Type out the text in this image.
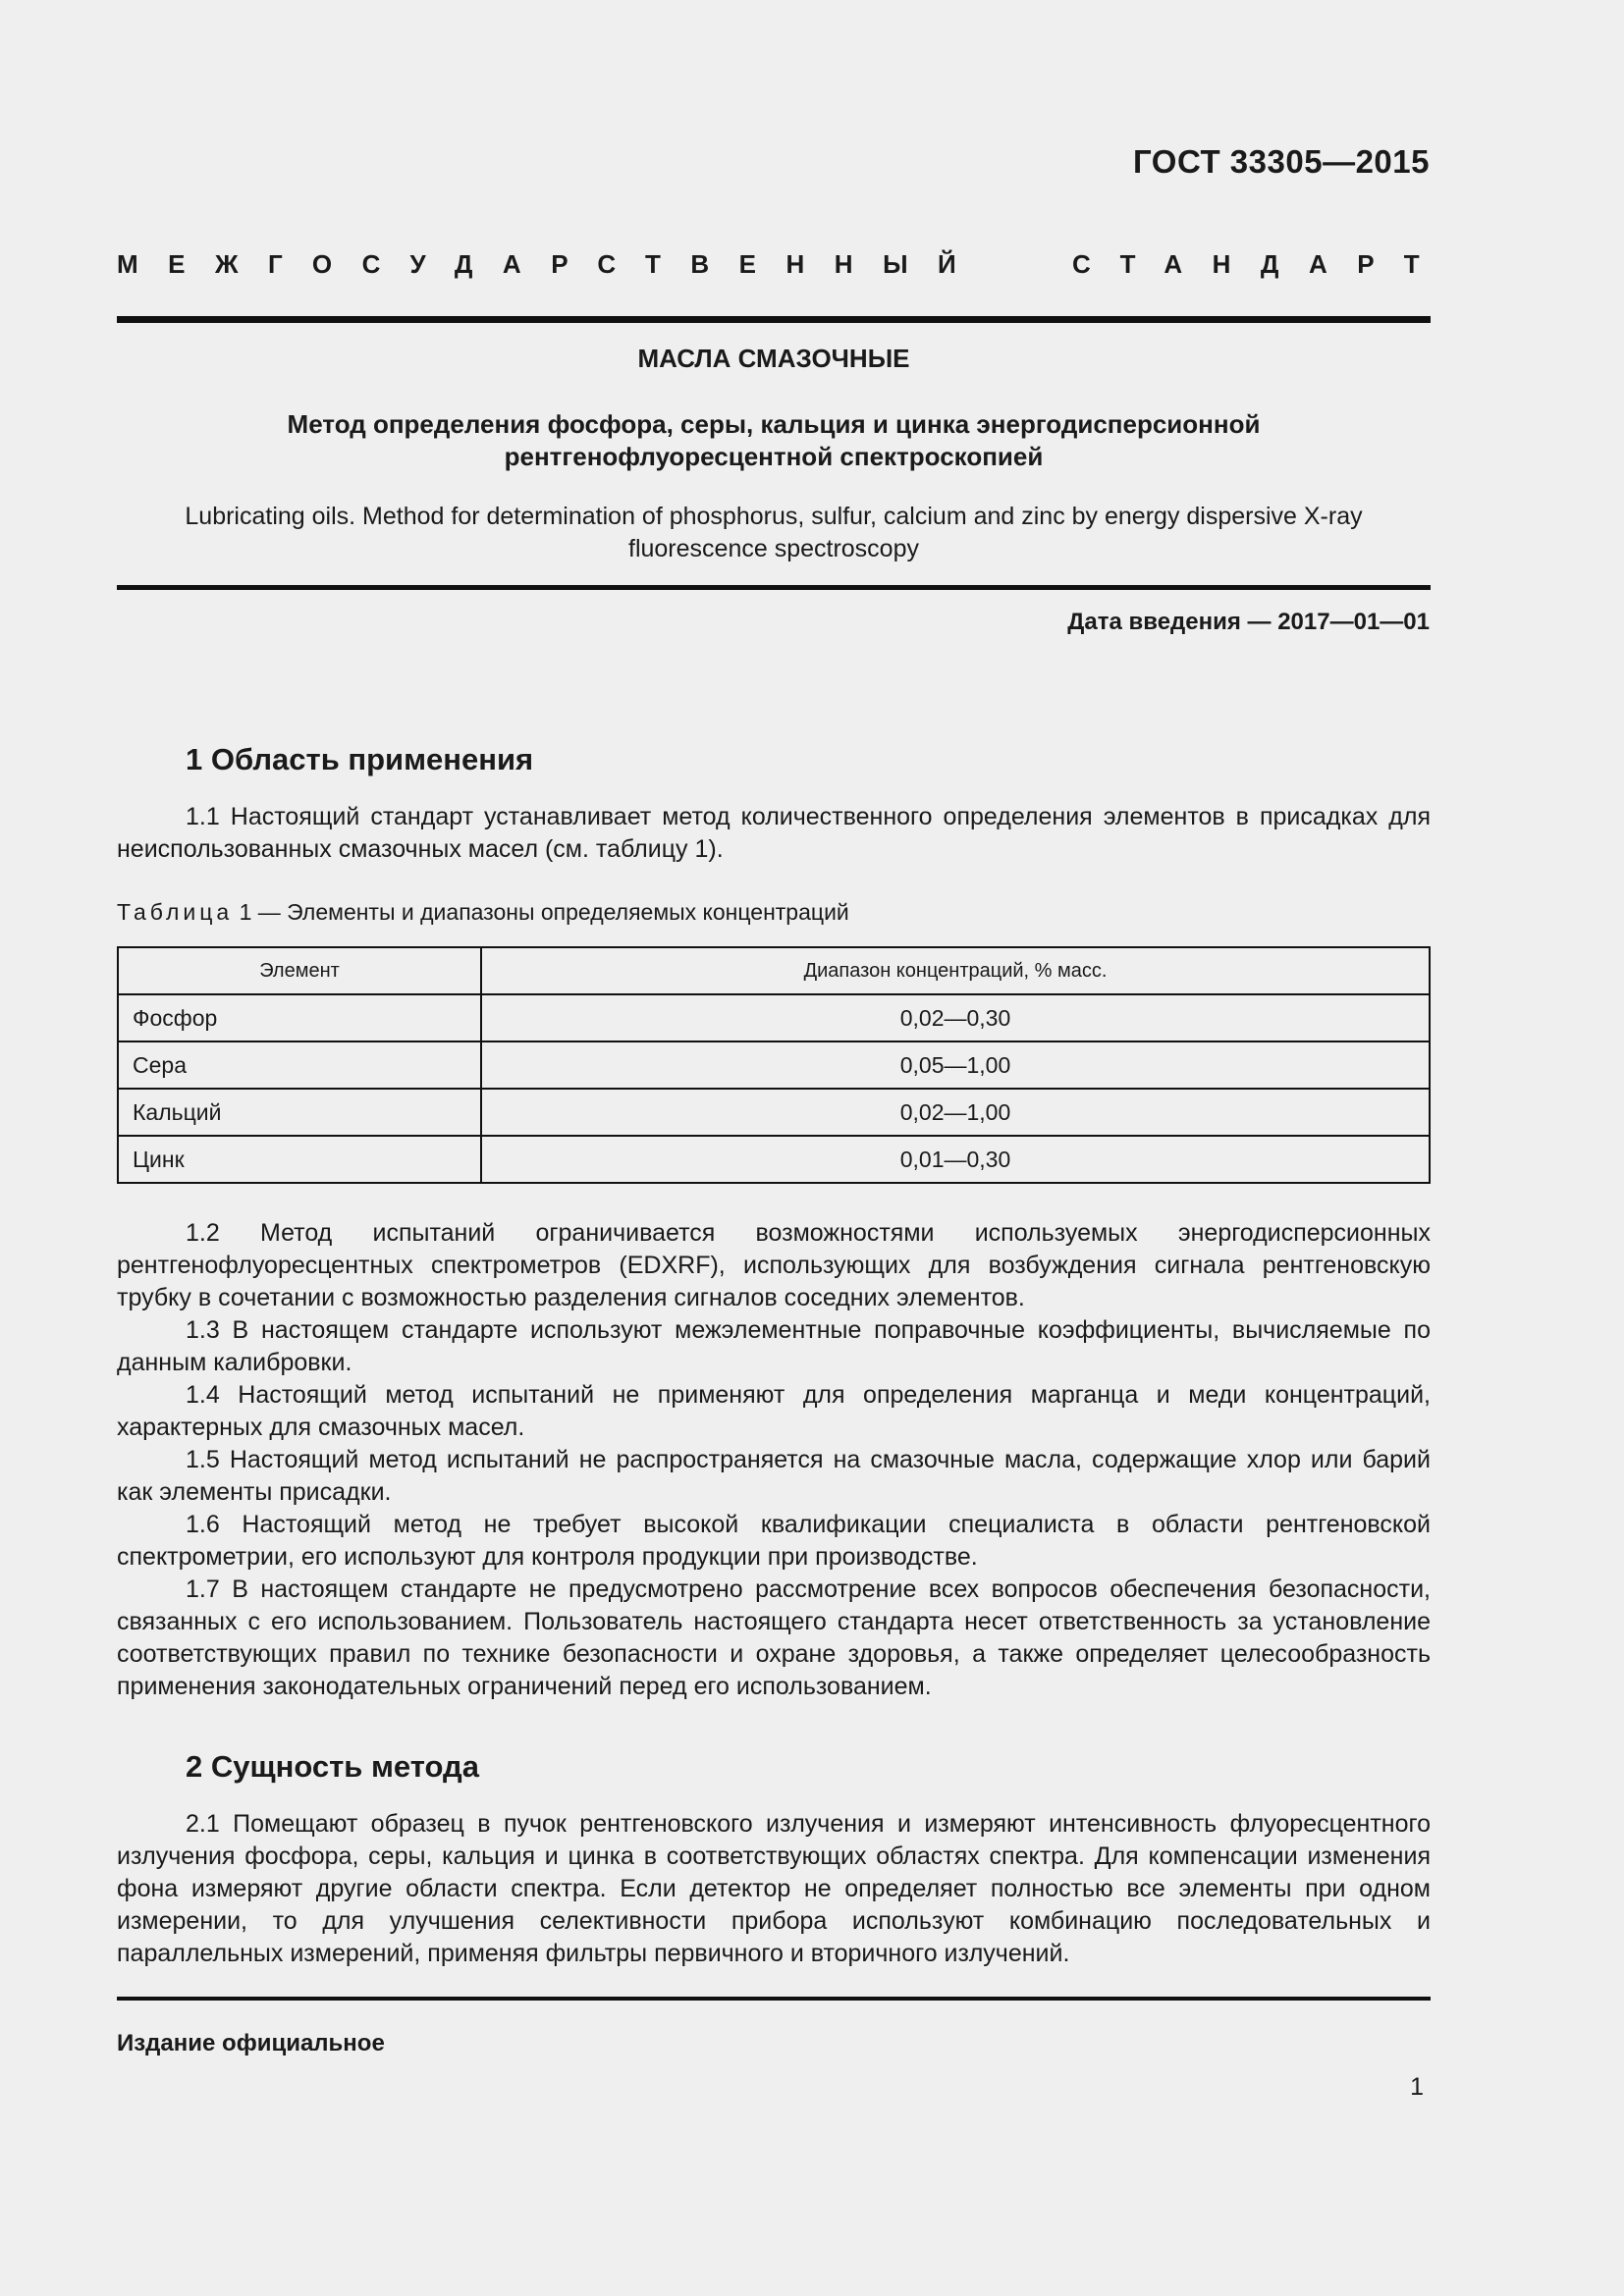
ГОСТ 33305—2015
МЕЖГОСУДАРСТВЕННЫЙ	СТАНДАРТ
МАСЛА СМАЗОЧНЫЕ
Метод определения фосфора, серы, кальция и цинка энергодисперсионной
рентгенофлуоресцентной спектроскопией
Lubricating oils. Method for determination of phosphorus, sulfur, calcium and zinc by energy dispersive X-ray
fluorescence spectroscopy
Дата введения — 2017—01—01
1 Область применения

1.1 Настоящий стандарт устанавливает метод количественного определения элементов в присадках для неиспользованных смазочных масел (см. таблицу 1).

Таблица 1 — Элементы и диапазоны определяемых концентраций
Элемент	Диапазон концентраций, % масс.
Фосфор	0,02—0,30
Сера	0,05—1,00
Кальций	0,02—1,00
Цинк	0,01—0,30

1.2 Метод испытаний ограничивается возможностями используемых энергодисперсионных рентгенофлуоресцентных спектрометров (EDXRF), использующих для возбуждения сигнала рентгеновскую трубку в сочетании с возможностью разделения сигналов соседних элементов.

1.3 В настоящем стандарте используют межэлементные поправочные коэффициенты, вычисляемые по данным калибровки.

1.4 Настоящий метод испытаний не применяют для определения марганца и меди концентраций, характерных для смазочных масел.

1.5 Настоящий метод испытаний не распространяется на смазочные масла, содержащие хлор или барий как элементы присадки.

1.6 Настоящий метод не требует высокой квалификации специалиста в области рентгеновской спектрометрии, его используют для контроля продукции при производстве.

1.7 В настоящем стандарте не предусмотрено рассмотрение всех вопросов обеспечения безопасности, связанных с его использованием. Пользователь настоящего стандарта несет ответственность за установление соответствующих правил по технике безопасности и охране здоровья, а также определяет целесообразность применения законодательных ограничений перед его использованием.

2 Сущность метода

2.1 Помещают образец в пучок рентгеновского излучения и измеряют интенсивность флуоресцентного излучения фосфора, серы, кальция и цинка в соответствующих областях спектра. Для компенсации изменения фона измеряют другие области спектра. Если детектор не определяет полностью все элементы при одном измерении, то для улучшения селективности прибора используют комбинацию последовательных и параллельных измерений, применяя фильтры первичного и вторичного излучений.

Издание официальное
1
